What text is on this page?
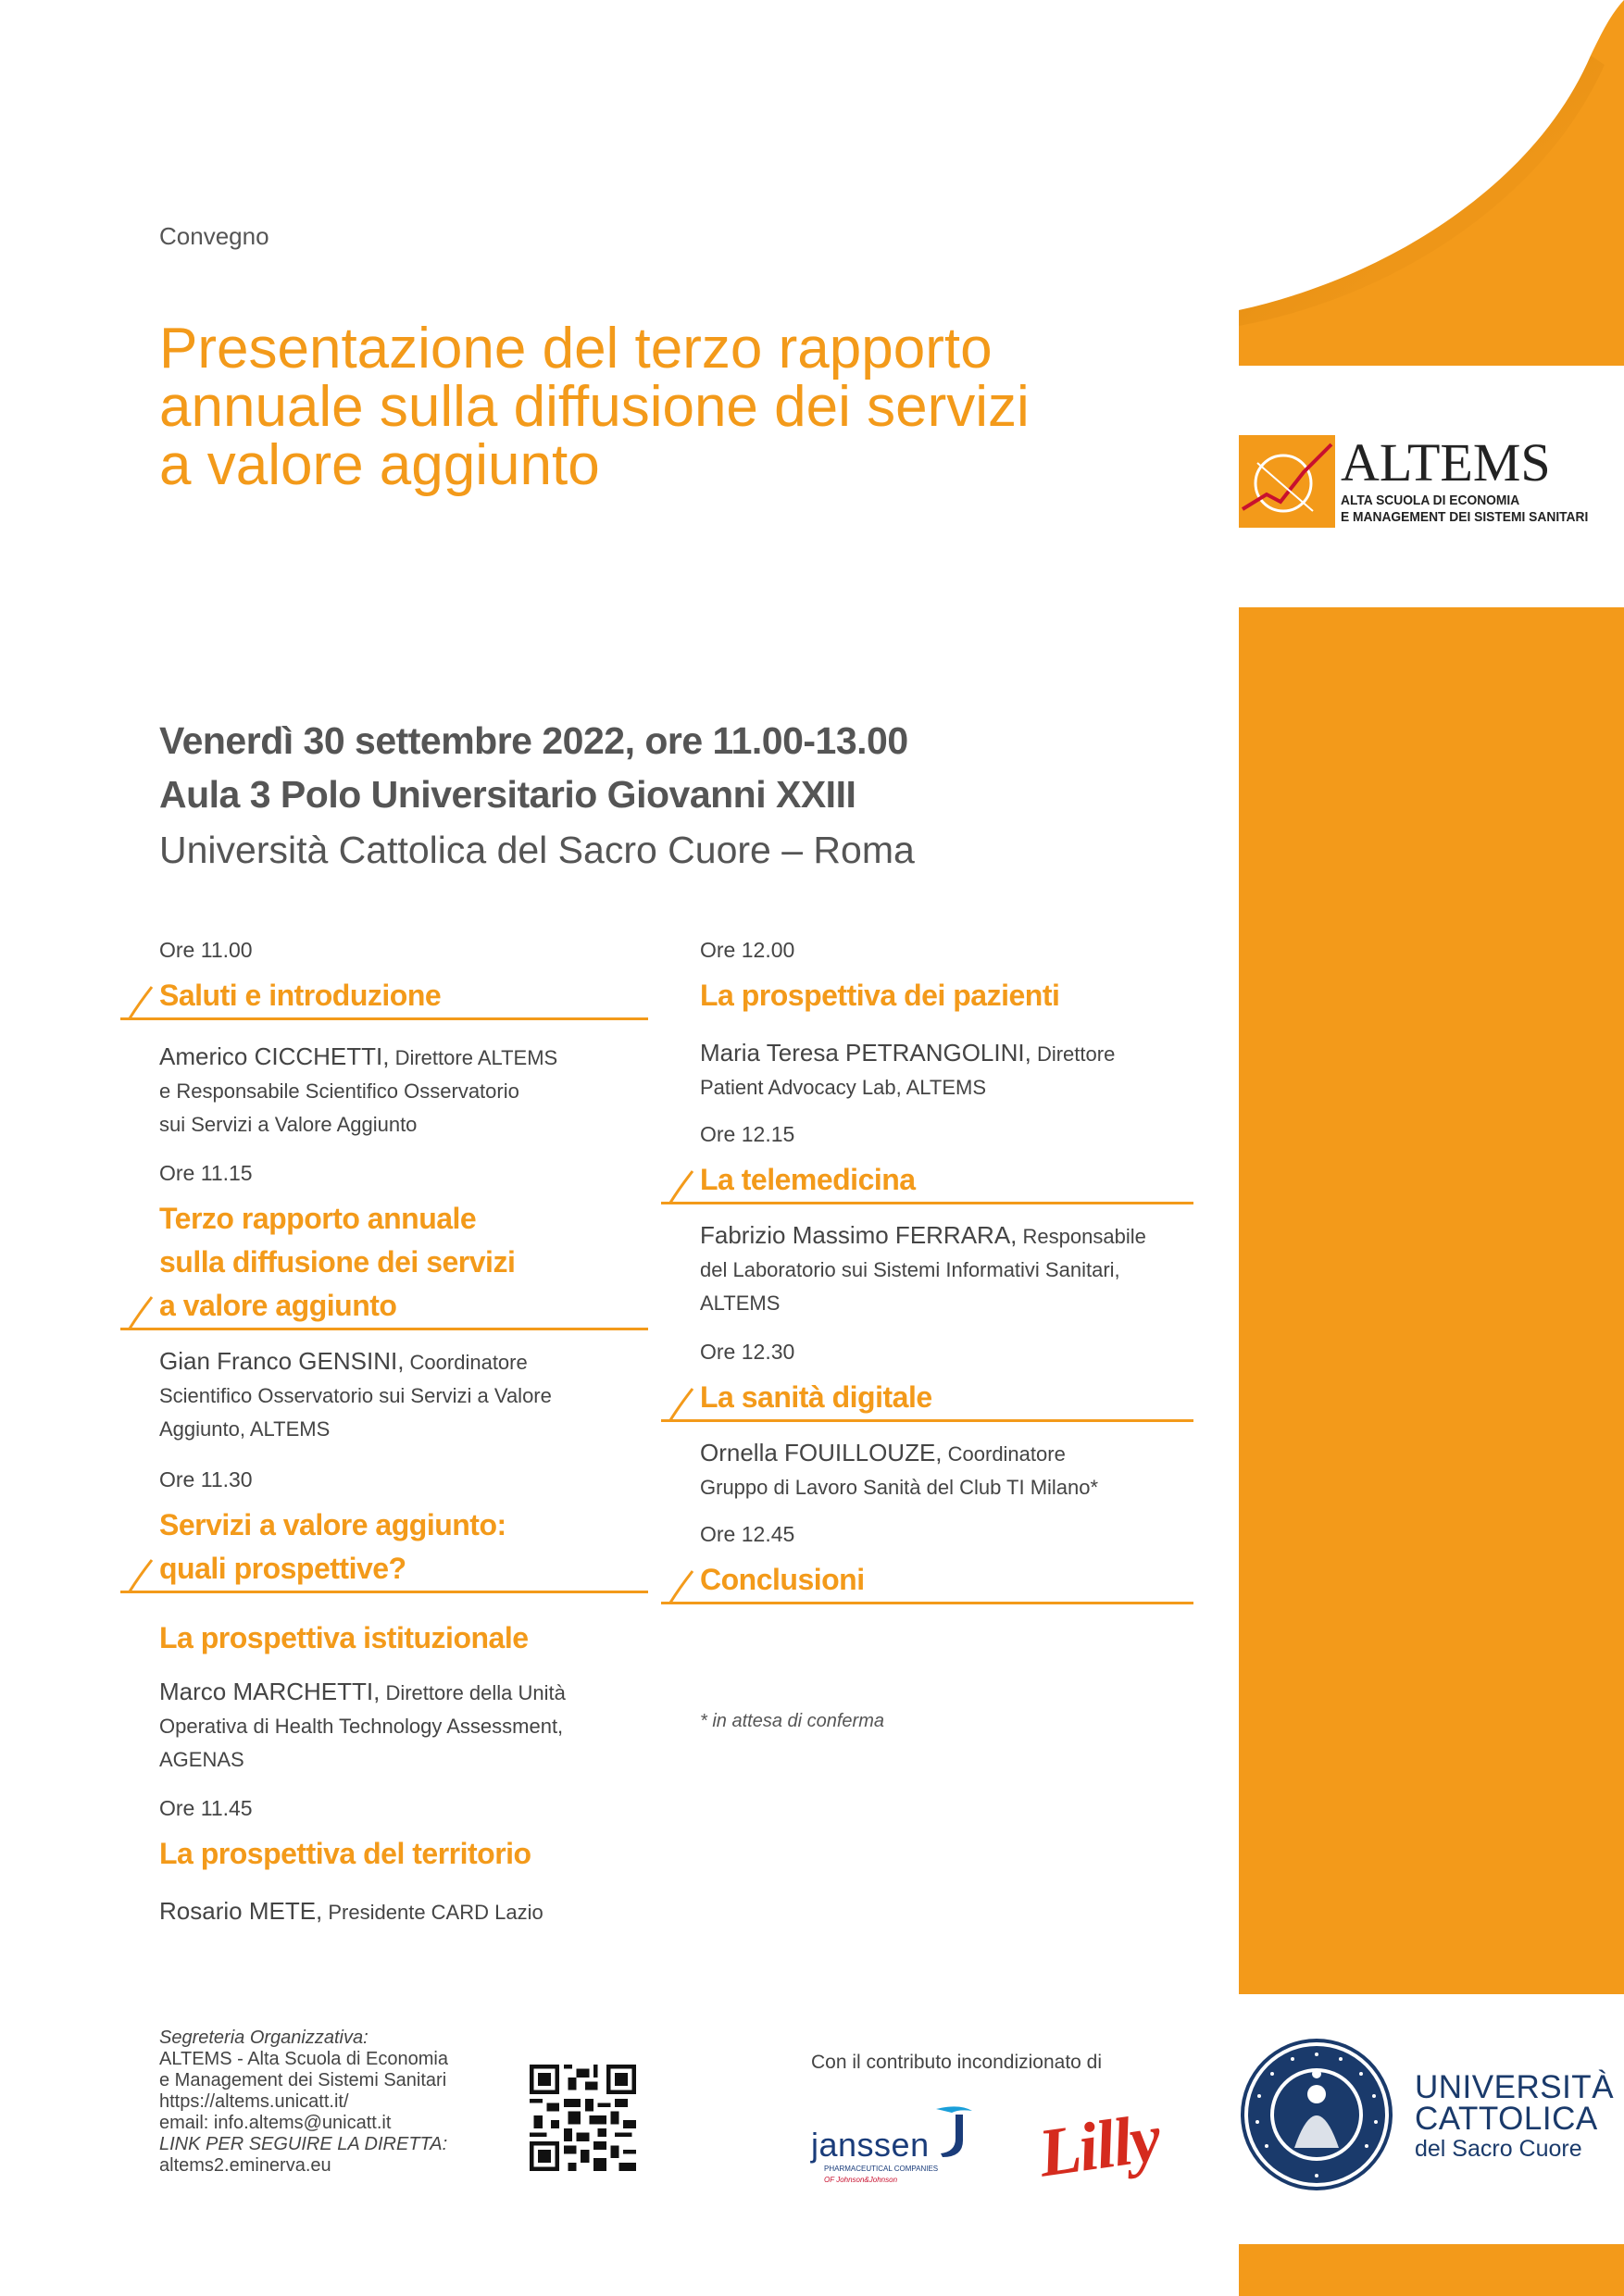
ALTEMS
ALTA SCUOLA DI ECONOMIA
E MANAGEMENT DEI SISTEMI SANITARI
Convegno
Presentazione del terzo rapporto
annuale sulla diffusione dei servizi
a valore aggiunto
Venerdì 30 settembre 2022, ore 11.00-13.00
Aula 3 Polo Universitario Giovanni XXIII
Università Cattolica del Sacro Cuore – Roma
Ore 11.00
Saluti e introduzione
Americo CICCHETTI, Direttore ALTEMS
e Responsabile Scientifico Osservatorio
sui Servizi a Valore Aggiunto
Ore 11.15
Terzo rapporto annuale
sulla diffusione dei servizi
a valore aggiunto
Gian Franco GENSINI, Coordinatore
Scientifico Osservatorio sui Servizi a Valore
Aggiunto, ALTEMS
Ore 11.30
Servizi a valore aggiunto:
quali prospettive?
La prospettiva istituzionale
Marco MARCHETTI, Direttore della Unità
Operativa di Health Technology Assessment,
AGENAS
Ore 11.45
La prospettiva del territorio
Rosario METE, Presidente CARD Lazio
Ore 12.00
La prospettiva dei pazienti
Maria Teresa PETRANGOLINI, Direttore
Patient Advocacy Lab, ALTEMS
Ore 12.15
La telemedicina
Fabrizio Massimo FERRARA, Responsabile
del Laboratorio sui Sistemi Informativi Sanitari,
ALTEMS
Ore 12.30
La sanità digitale
Ornella FOUILLOUZE, Coordinatore
Gruppo di Lavoro Sanità del Club TI Milano*
Ore 12.45
Conclusioni
* in attesa di conferma
Segreteria Organizzativa:
ALTEMS - Alta Scuola di Economia
e Management dei Sistemi Sanitari
https://altems.unicatt.it/
email: info.altems@unicatt.it
LINK PER SEGUIRE LA DIRETTA:
altems2.eminerva.eu
Con il contributo incondizionato di
janssen
PHARMACEUTICAL COMPANIES
OF Johnson&Johnson Lilly
UNIVERSITÀ
CATTOLICA
del Sacro Cuore
